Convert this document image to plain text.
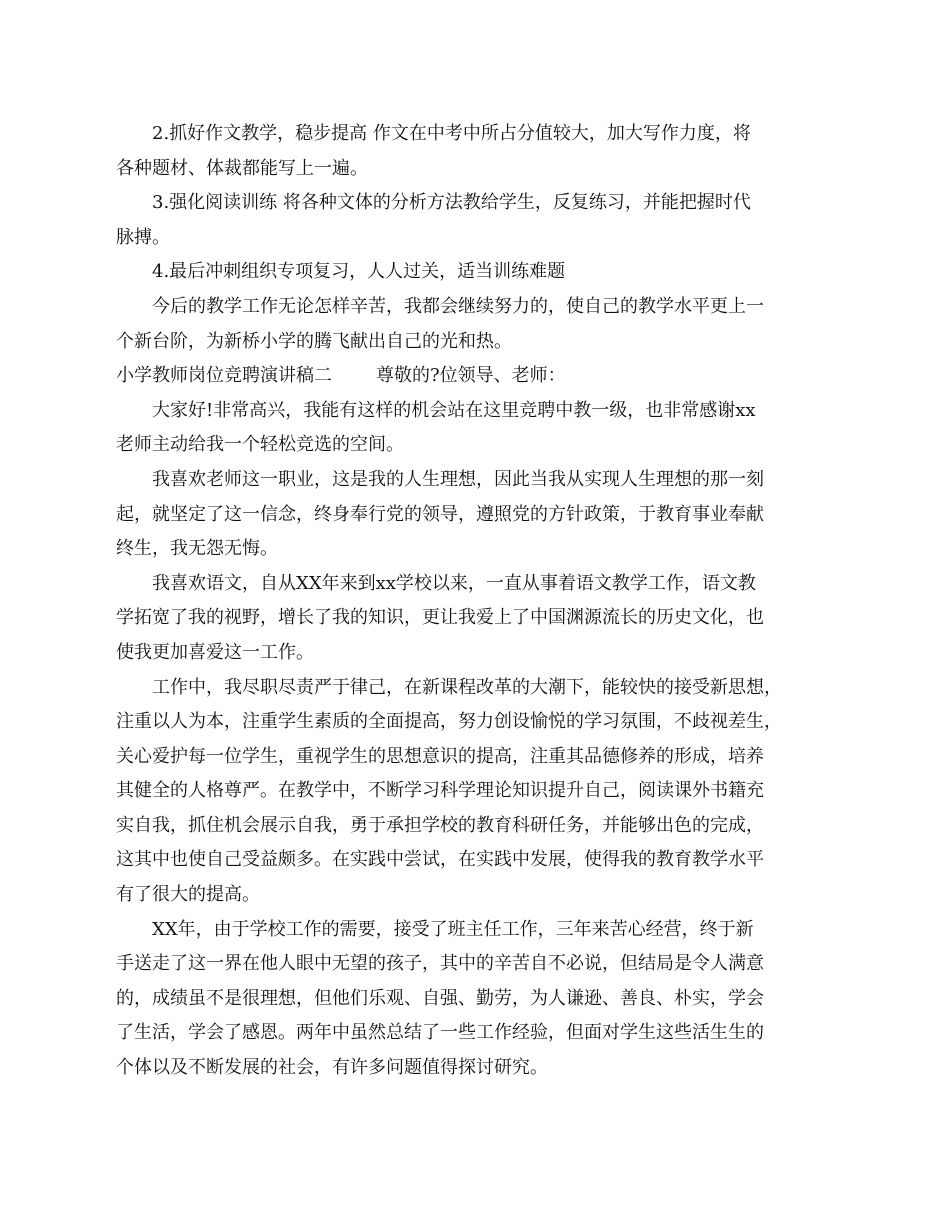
2.抓好作文教学，稳步提高 作文在中考中所占分值较大，加大写作力度，将
各种题材、体裁都能写上一遍。
3.强化阅读训练 将各种文体的分析方法教给学生，反复练习，并能把握时代
脉搏。
4.最后冲刺组织专项复习，人人过关，适当训练难题
今后的教学工作无论怎样辛苦，我都会继续努力的，使自己的教学水平更上一
个新台阶，为新桥小学的腾飞献出自己的光和热。
小学教师岗位竞聘演讲稿二 尊敬的?位领导、老师：
大家好!非常高兴，我能有这样的机会站在这里竞聘中教一级，也非常感谢xx
老师主动给我一个轻松竞选的空间。
我喜欢老师这一职业，这是我的人生理想，因此当我从实现人生理想的那一刻
起，就坚定了这一信念，终身奉行党的领导，遵照党的方针政策，于教育事业奉献
终生，我无怨无悔。
我喜欢语文，自从XX年来到xx学校以来，一直从事着语文教学工作，语文教
学拓宽了我的视野，增长了我的知识，更让我爱上了中国渊源流长的历史文化，也
使我更加喜爱这一工作。
工作中，我尽职尽责严于律己，在新课程改革的大潮下，能较快的接受新思想，
注重以人为本，注重学生素质的全面提高，努力创设愉悦的学习氛围，不歧视差生，
关心爱护每一位学生，重视学生的思想意识的提高，注重其品德修养的形成，培养
其健全的人格尊严。在教学中，不断学习科学理论知识提升自己，阅读课外书籍充
实自我，抓住机会展示自我，勇于承担学校的教育科研任务，并能够出色的完成，
这其中也使自己受益颇多。在实践中尝试，在实践中发展，使得我的教育教学水平
有了很大的提高。
XX年，由于学校工作的需要，接受了班主任工作，三年来苦心经营，终于新
手送走了这一界在他人眼中无望的孩子，其中的辛苦自不必说，但结局是令人满意
的，成绩虽不是很理想，但他们乐观、自强、勤劳，为人谦逊、善良、朴实，学会
了生活，学会了感恩。两年中虽然总结了一些工作经验，但面对学生这些活生生的
个体以及不断发展的社会，有许多问题值得探讨研究。
